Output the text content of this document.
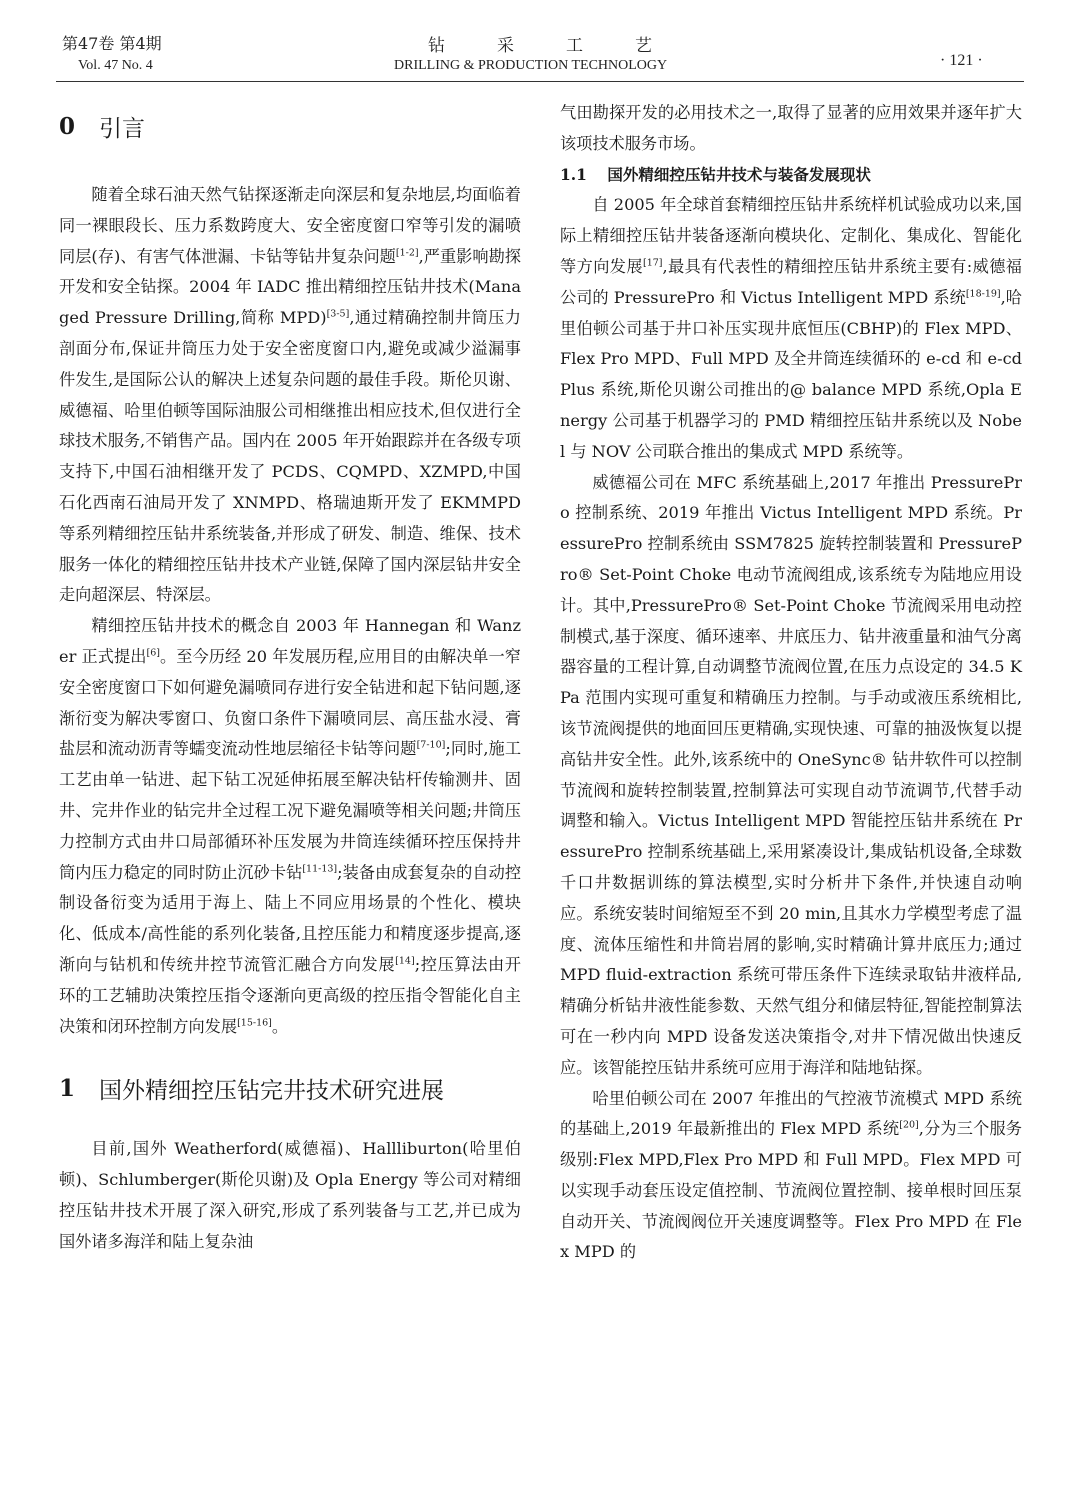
第47卷 第4期
Vol. 47 No. 4
钻采工艺
DRILLING & PRODUCTION TECHNOLOGY	· 121 ·
0	引言

随着全球石油天然气钻探逐渐走向深层和复杂地层,均面临着同一裸眼段长、压力系数跨度大、安全密度窗口窄等引发的漏喷同层(存)、有害气体泄漏、卡钻等钻井复杂问题[1-2],严重影响勘探开发和安全钻探。2004 年 IADC 推出精细控压钻井技术(Managed Pressure Drilling,简称 MPD)[3-5],通过精确控制井筒压力剖面分布,保证井筒压力处于安全密度窗口内,避免或减少溢漏事件发生,是国际公认的解决上述复杂问题的最佳手段。斯伦贝谢、威德福、哈里伯顿等国际油服公司相继推出相应技术,但仅进行全球技术服务,不销售产品。国内在 2005 年开始跟踪并在各级专项支持下,中国石油相继开发了 PCDS、CQMPD、XZMPD,中国石化西南石油局开发了 XNMPD、格瑞迪斯开发了 EKMMPD 等系列精细控压钻井系统装备,并形成了研发、制造、维保、技术服务一体化的精细控压钻井技术产业链,保障了国内深层钻井安全走向超深层、特深层。

精细控压钻井技术的概念自 2003 年 Hannegan 和 Wanzer 正式提出[6]。至今历经 20 年发展历程,应用目的由解决单一窄安全密度窗口下如何避免漏喷同存进行安全钻进和起下钻问题,逐渐衍变为解决零窗口、负窗口条件下漏喷同层、高压盐水浸、膏盐层和流动沥青等蠕变流动性地层缩径卡钻等问题[7-10];同时,施工工艺由单一钻进、起下钻工况延伸拓展至解决钻杆传输测井、固井、完井作业的钻完井全过程工况下避免漏喷等相关问题;井筒压力控制方式由井口局部循环补压发展为井筒连续循环控压保持井筒内压力稳定的同时防止沉砂卡钻[11-13];装备由成套复杂的自动控制设备衍变为适用于海上、陆上不同应用场景的个性化、模块化、低成本/高性能的系列化装备,且控压能力和精度逐步提高,逐渐向与钻机和传统井控节流管汇融合方向发展[14];控压算法由开环的工艺辅助决策控压指令逐渐向更高级的控压指令智能化自主决策和闭环控制方向发展[15-16]。

1	国外精细控压钻完井技术研究进展

目前,国外 Weatherford(威德福)、Hallliburton(哈里伯顿)、Schlumberger(斯伦贝谢)及 Opla Energy 等公司对精细控压钻井技术开展了深入研究,形成了系列装备与工艺,并已成为国外诸多海洋和陆上复杂油

气田勘探开发的必用技术之一,取得了显著的应用效果并逐年扩大该项技术服务市场。

1.1 国外精细控压钻井技术与装备发展现状

自 2005 年全球首套精细控压钻井系统样机试验成功以来,国际上精细控压钻井装备逐渐向模块化、定制化、集成化、智能化等方向发展[17],最具有代表性的精细控压钻井系统主要有:威德福公司的 PressurePro 和 Victus Intelligent MPD 系统[18-19],哈里伯顿公司基于井口补压实现井底恒压(CBHP)的 Flex MPD、Flex Pro MPD、Full MPD 及全井筒连续循环的 e-cd 和 e-cd Plus 系统,斯伦贝谢公司推出的@ balance MPD 系统,Opla Energy 公司基于机器学习的 PMD 精细控压钻井系统以及 Nobel 与 NOV 公司联合推出的集成式 MPD 系统等。

威德福公司在 MFC 系统基础上,2017 年推出 PressurePro 控制系统、2019 年推出 Victus Intelligent MPD 系统。PressurePro 控制系统由 SSM7825 旋转控制装置和 PressurePro® Set-Point Choke 电动节流阀组成,该系统专为陆地应用设计。其中,PressurePro® Set-Point Choke 节流阀采用电动控制模式,基于深度、循环速率、井底压力、钻井液重量和油气分离器容量的工程计算,自动调整节流阀位置,在压力点设定的 34.5 KPa 范围内实现可重复和精确压力控制。与手动或液压系统相比,该节流阀提供的地面回压更精确,实现快速、可靠的抽汲恢复以提高钻井安全性。此外,该系统中的 OneSync® 钻井软件可以控制节流阀和旋转控制装置,控制算法可实现自动节流调节,代替手动调整和输入。Victus Intelligent MPD 智能控压钻井系统在 PressurePro 控制系统基础上,采用紧凑设计,集成钻机设备,全球数千口井数据训练的算法模型,实时分析井下条件,并快速自动响应。系统安装时间缩短至不到 20 min,且其水力学模型考虑了温度、流体压缩性和井筒岩屑的影响,实时精确计算井底压力;通过 MPD fluid-extraction 系统可带压条件下连续录取钻井液样品,精确分析钻井液性能参数、天然气组分和储层特征,智能控制算法可在一秒内向 MPD 设备发送决策指令,对井下情况做出快速反应。该智能控压钻井系统可应用于海洋和陆地钻探。

哈里伯顿公司在 2007 年推出的气控液节流模式 MPD 系统的基础上,2019 年最新推出的 Flex MPD 系统[20],分为三个服务级别:Flex MPD,Flex Pro MPD 和 Full MPD。Flex MPD 可以实现手动套压设定值控制、节流阀位置控制、接单根时回压泵自动开关、节流阀阀位开关速度调整等。Flex Pro MPD 在 Flex MPD 的
